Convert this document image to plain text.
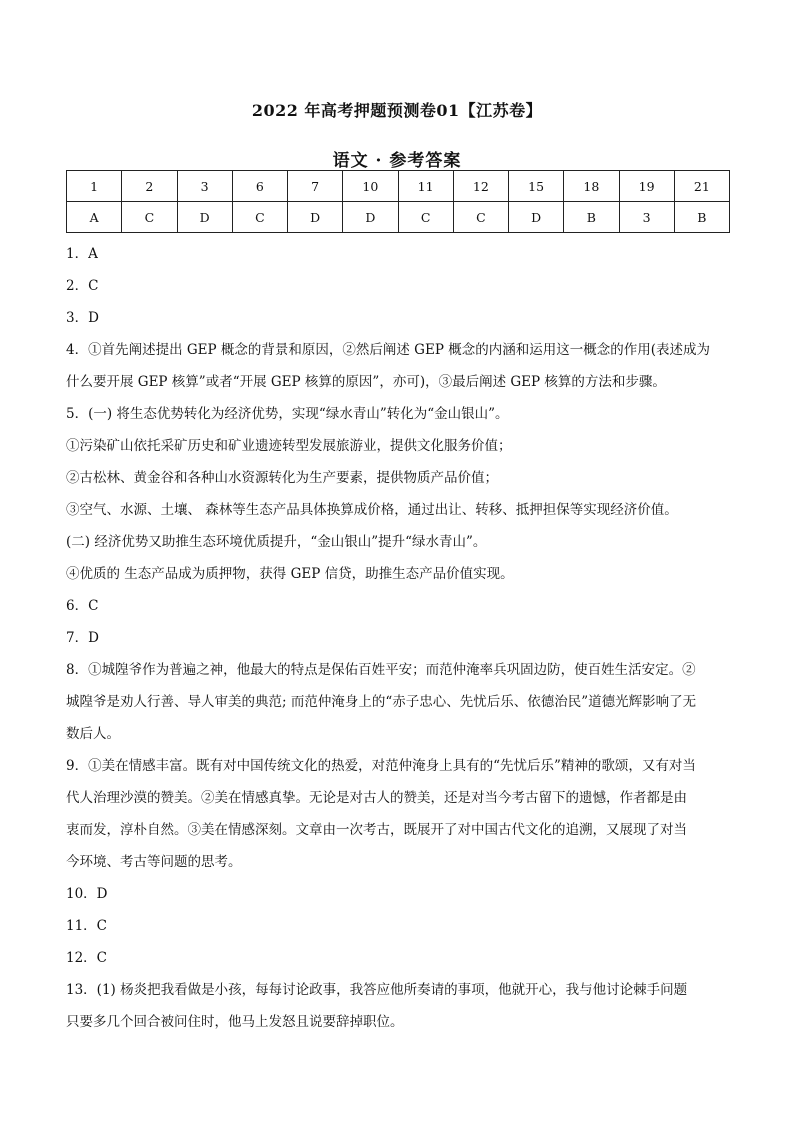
2022 年高考押题预测卷01【江苏卷】
语文 · 参考答案
1	2	3	6	7	10	11	12	15	18	19	21
A	C	D	C	D	D	C	C	D	B	3	B
1．A
2．C
3．D
4．①首先阐述提出 GEP 概念的背景和原因，②然后阐述 GEP 概念的内涵和运用这一概念的作用(表述成为
什么要开展 GEP 核算”或者“开展 GEP 核算的原因”，亦可)，③最后阐述 GEP 核算的方法和步骤。
5．(一) 将生态优势转化为经济优势，实现“绿水青山”转化为“金山银山”。
①污染矿山依托采矿历史和矿业遗迹转型发展旅游业，提供文化服务价值；
②古松林、黄金谷和各种山水资源转化为生产要素，提供物质产品价值；
③空气、水源、土壤、 森林等生态产品具体换算成价格，通过出让、转移、抵押担保等实现经济价值。
(二) 经济优势又助推生态环境优质提升，“金山银山”提升“绿水青山”。
④优质的 生态产品成为质押物，获得 GEP 信贷，助推生态产品价值实现。
6．C
7．D
8．①城隍爷作为普遍之神，他最大的特点是保佑百姓平安；而范仲淹率兵巩固边防，使百姓生活安定。②
城隍爷是劝人行善、导人审美的典范; 而范仲淹身上的“赤子忠心、先忧后乐、依德治民”道德光辉影响了无
数后人。
9．①美在情感丰富。既有对中国传统文化的热爱，对范仲淹身上具有的“先忧后乐”精神的歌颂，又有对当
代人治理沙漠的赞美。②美在情感真挚。无论是对古人的赞美，还是对当今考古留下的遗憾，作者都是由
衷而发，淳朴自然。③美在情感深刻。文章由一次考古，既展开了对中国古代文化的追溯，又展现了对当
今环境、考古等问题的思考。
10．D
11．C
12．C
13．(1) 杨炎把我看做是小孩，每每讨论政事，我答应他所奏请的事项，他就开心，我与他讨论棘手问题
只要多几个回合被问住时，他马上发怒且说要辞掉职位。
